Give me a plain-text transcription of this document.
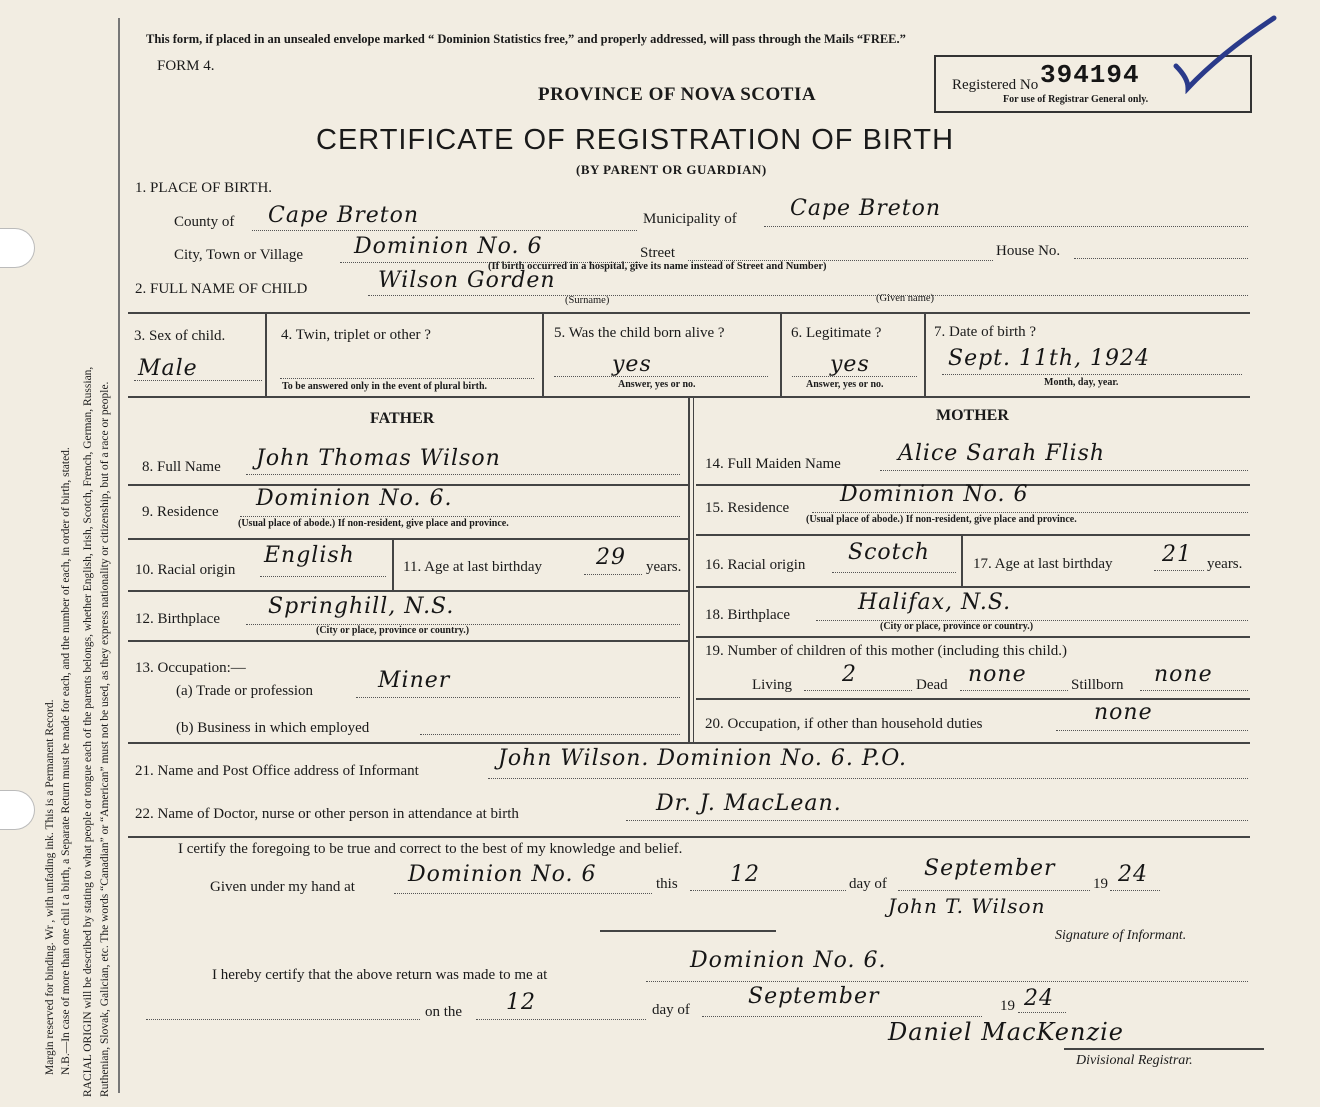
Margin reserved for binding. Wr , with unfading ink. This is a Permanent Record. N.B.—In case of more than one chil t a birth, a Separate Return must be made for each, and the number of each, in order of birth, stated. RACIAL ORIGIN will be described by stating to what people or tongue each of the parents belongs, whether English, Irish, Scotch, French, German, Russian, Ruthenian, Slovak, Galician, etc. The words “Canadian” or “American” must not be used, as they express nationality or citizenship, but of a race or people.
This form, if placed in an unsealed envelope marked “ Dominion Statistics free,” and properly addressed, will pass through the Mails “FREE.”
FORM 4.
PROVINCE OF NOVA SCOTIA
CERTIFICATE OF REGISTRATION OF BIRTH
(BY PARENT OR GUARDIAN)
Registered No 394194
For use of Registrar General only.
1. PLACE OF BIRTH.
County of Cape Breton	Municipality of Cape Breton
City, Town or Village Dominion No. 6	Street	House No.
(If birth occurred in a hospital, give its name instead of Street and Number)
2. FULL NAME OF CHILD	Wilson Gorden
(Surname)	(Given name)
3. Sex of child.
Male
4. Twin, triplet or other ?
To be answered only in the event of plural birth.
5. Was the child born alive ?
yes
Answer, yes or no.
6. Legitimate ?
yes
Answer, yes or no.
7. Date of birth ?
Sept. 11th, 1924
Month, day, year.
FATHER	MOTHER
8. Full Name John Thomas Wilson
9. Residence
Dominion No. 6.
(Usual place of abode.) If non-resident, give place and province.
10. Racial origin
English	11. Age at last birthday 29 years.
12. Birthplace Springhill, N.S.
(City or place, province or country.)
13. Occupation:—
(a) Trade or profession	Miner
(b) Business in which employed
14. Full Maiden Name	Alice Sarah Flish
15. Residence
Dominion No. 6
(Usual place of abode.) If non-resident, give place and province.
16. Racial origin Scotch	17. Age at last birthday 21 years.
18. Birthplace	Halifax, N.S.
(City or place, province or country.)
19. Number of children of this mother (including this child.)
Living 2	Dead none	Stillborn none
20. Occupation, if other than household duties	none
21. Name and Post Office address of Informant	John Wilson. Dominion No. 6. P.O.
22. Name of Doctor, nurse or other person in attendance at birth	Dr. J. MacLean.
I certify the foregoing to be true and correct to the best of my knowledge and belief.
Given under my hand at Dominion No. 6	this 12	day of
September
19 24
John T. Wilson
Signature of Informant.
I hereby certify that the above return was made to me at
Dominion No. 6.
on the 12	day of
September	19 24
Daniel MacKenzie
Divisional Registrar.
